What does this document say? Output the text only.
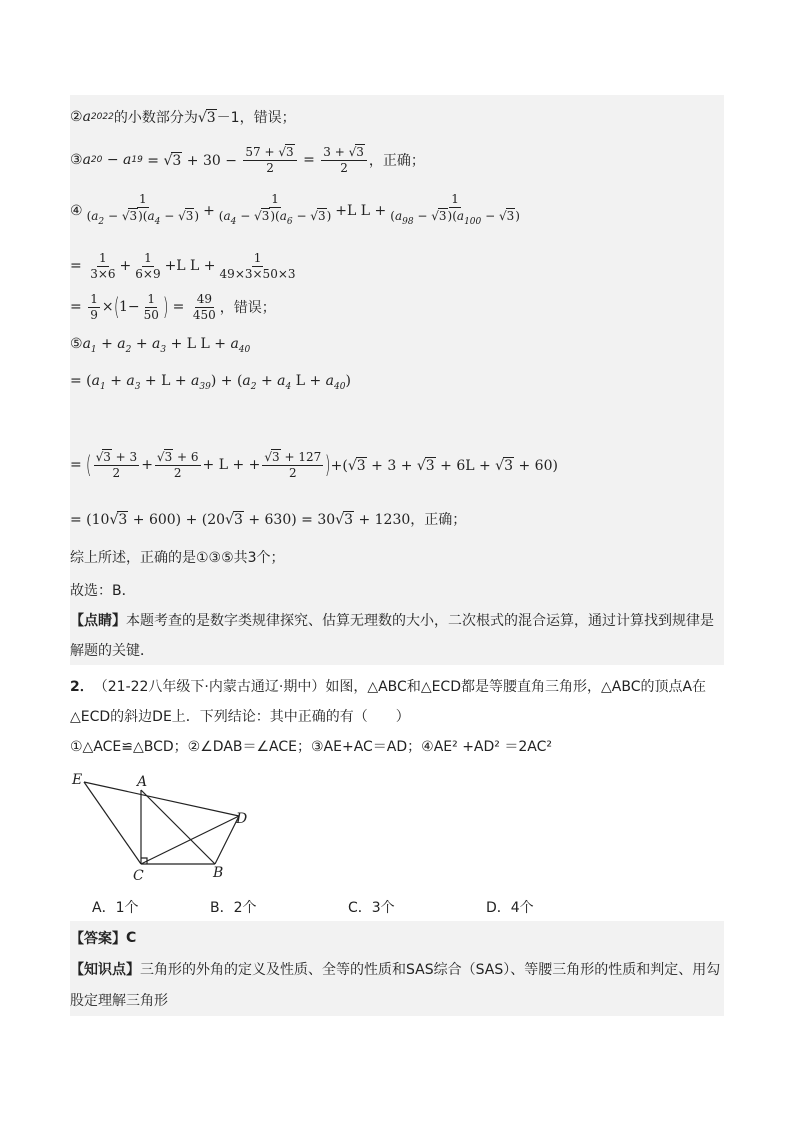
② a 2022 的小数部分为 √3 －1，错误；
③ a 20 − a $19 = √3 + 30 - \frac{57 + √3}{2} = \frac{3 + √3}{2}$ ，正确；
④ $\frac{1}{(a_2 - √3)(a_4 - √3)} + \frac{1}{(a_4 - √3)(a_6 - √3)} +L$ $L + \frac{1}{(a_{98} - √3)(a_{100} - √3)}$
= $\frac{1}{3\times 6} + \frac{1}{6\times 9} +L$ $L + \frac{1}{49\times 3\times 50\times 3}$
= $\frac{1}{9}$ × ( $1- \frac{1}{50}$ ) = $\frac{49}{450}$ ，错误；
$⑤a_1 + a_2 + a_3 + L$ $L + a_{40}$
= $(a_1 + a_3 + L + a_{39}) + (a_2 + a_4$ $L + a_{40}$)
= ( $\frac{√3 + 3}{2} + \frac{√3 + 6}{2} + L$ + + $\frac{√3 + 127}{2}$ ) +(√3 + 3 + √3 + 6L + √3 + 60)
= (10√3 + 600) + (20√3 + 630) = 30√3 + 1230 ，正确；
综上所述，正确的是①③⑤共3个；
故选：B．
【点睛】 本题考查的是数字类规律探究、估算无理数的大小，二次根式的混合运算，通过计算找到规律是
解题的关键．
2． （21-22八年级下·内蒙古通辽·期中） 如图，△ABC和△ECD都是等腰直角三角形，△ABC的顶点A在
△ECD的斜边DE上．下列结论：其中正确的有（　　）
①△ACE≌△BCD；②∠DAB＝∠ACE；③AE+AC＝AD；④AE² +AD² ＝2AC²
E	A
D
C	B
A．1个	B．2个	C．3个	D．4个
【答案】 C
【知识点】 三角形的外角的定义及性质、全等的性质和SAS综合（SAS）、等腰三角形的性质和判定、用勾
股定理解三角形
